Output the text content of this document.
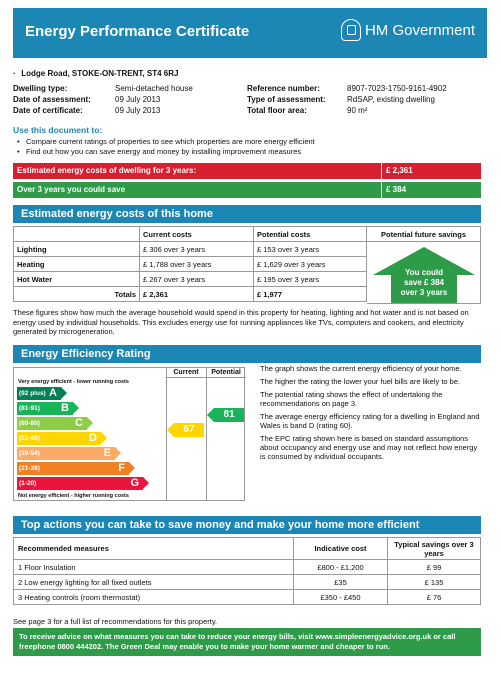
Energy Performance Certificate	HM Government
· Lodge Road, STOKE-ON-TRENT, ST4 6RJ
Dwelling type:	Semi-detached house
Date of assessment:	09 July 2013
Date of certificate:	09 July 2013
Reference number:	8907-7023-1750-9161-4902
Type of assessment:	RdSAP, existing dwelling
Total floor area:	90 m²
Use this document to:
• Compare current ratings of properties to see which properties are more energy efficient
• Find out how you can save energy and money by installing improvement measures
Estimated energy costs of dwelling for 3 years:	£ 2,361
Over 3 years you could save	£ 384
Estimated energy costs of this home
	Current costs	Potential costs
Lighting	£ 306 over 3 years	£ 153 over 3 years
Heating	£ 1,788 over 3 years	£ 1,629 over 3 years
Hot Water	£ 267 over 3 years	£ 195 over 3 years
Totals	£ 2,361	£ 1,977
Potential future savings
You could
save £ 384
over 3 years
These figures show how much the average household would spend in this property for heating, lighting and hot water and is not based on energy used by individual households. This excludes energy use for running appliances like TVs, computers and cookers, and electricity generated by microgeneration.
Energy Efficiency Rating
Current	Potential
Very energy efficient - lower running costs
(92 plus) A
(81-91) B
(69-80)	C
(55-68)	D
(39-54)	E
(21-38)	F
(1-20)	G
Not energy efficient - higher running costs
67
81

The graph shows the current energy efficiency of your home.

The higher the rating the lower your fuel bills are likely to be.

The potential rating shows the effect of undertaking the recommendations on page 3.

The average energy efficiency rating for a dwelling in England and Wales is band D (rating 60).

The EPC rating shown here is based on standard assumptions about occupancy and energy use and may not reflect how energy is consumed by individual occupants.

Top actions you can take to save money and make your home more efficient
Recommended measures	Indicative cost	Typical savings over 3 years
1 Floor Insulation	£800 - £1,200	£ 99
2 Low energy lighting for all fixed outlets	£35	£ 135
3 Heating controls (room thermostat)	£350 - £450	£ 76
See page 3 for a full list of recommendations for this property.
To receive advice on what measures you can take to reduce your energy bills, visit www.simpleenergyadvice.org.uk or call freephone 0800 444202. The Green Deal may enable you to make your home warmer and cheaper to run.
